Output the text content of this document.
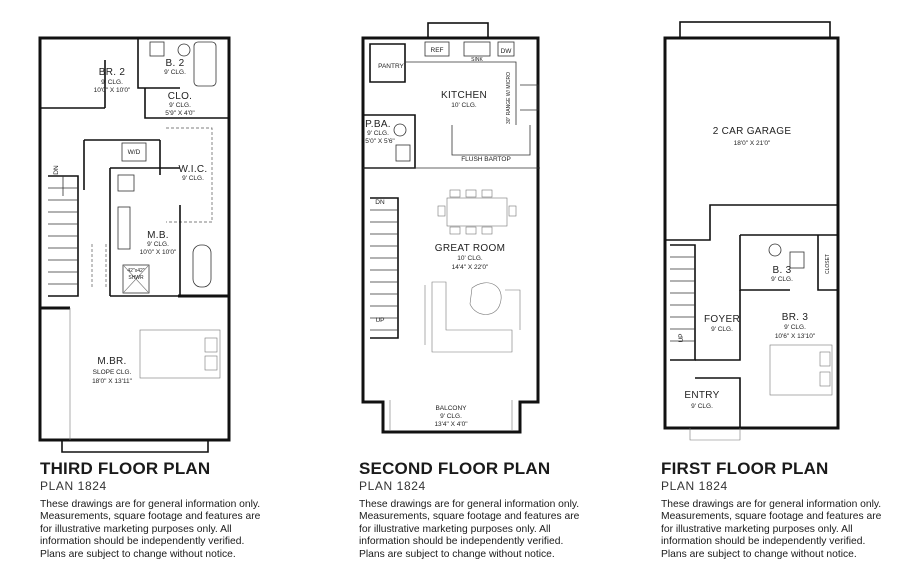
BR. 2
9' CLG.
10'0" X 10'0"
B. 2
9' CLG.
CLO.
9' CLG.
5'9" X 4'0"
W.I.C.
9' CLG.
W/D
M.B.
9' CLG.
10'0" X 10'0"
42"x42"
SHWR
M.BR.
SLOPE CLG.
18'0" X 13'11"
DN
PANTRY
REF	DW
SINK
KITCHEN
10' CLG.	30" RANGE W/ MICRO
P.BA.
9' CLG.
5'0" X 5'6"
FLUSH BARTOP
GREAT ROOM
10' CLG.
14'4" X 22'0"
BALCONY
9' CLG.
13'4" X 4'0"
DN
UP
2 CAR GARAGE
18'0" X 21'0"
B. 3
9' CLG.
CLOSET
FOYER
9' CLG.
BR. 3
9' CLG.
10'6" X 13'10"
ENTRY
9' CLG.
UP
THIRD FLOOR PLAN
PLAN 1824
These drawings are for general information only. Measurements, square footage and features are for illustrative marketing purposes only. All information should be independently verified. Plans are subject to change without notice.
SECOND FLOOR PLAN
PLAN 1824
These drawings are for general information only. Measurements, square footage and features are for illustrative marketing purposes only. All information should be independently verified. Plans are subject to change without notice.
FIRST FLOOR PLAN
PLAN 1824
These drawings are for general information only. Measurements, square footage and features are for illustrative marketing purposes only. All information should be independently verified. Plans are subject to change without notice.
